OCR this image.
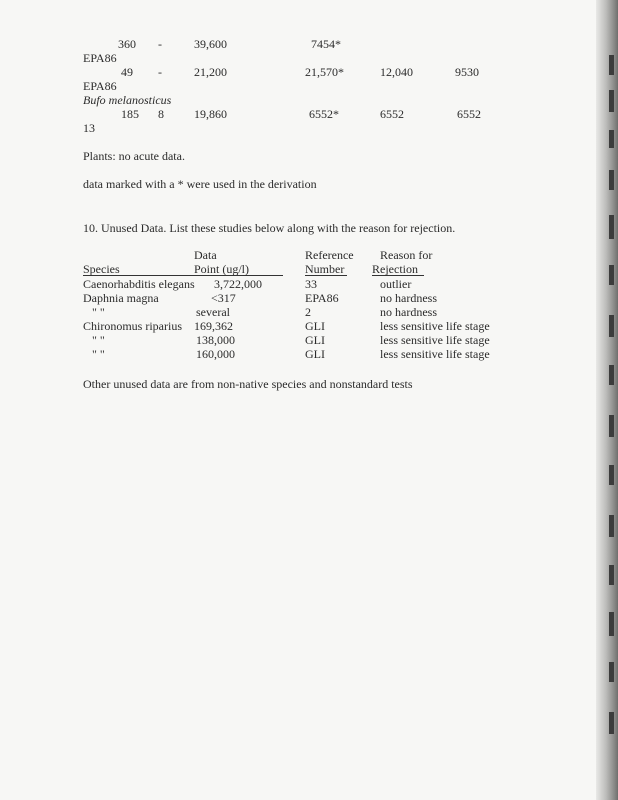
360 -	39,600	7454*
EPA86
49 -	21,200	21,570*	12,040	9530
EPA86
Bufo melanosticus
185 8	19,860	6552*	6552	6552
13
Plants: no acute data.
data marked with a * were used in the derivation
10. Unused Data. List these studies below along with the reason for rejection.
Data	Reference Reason for
Species	Point (ug/l)	Number Rejection
Caenorhabditis elegans 3,722,000	33	outlier
Daphnia magna	<317	EPA86	no hardness
" "	several	2	no hardness
Chironomus riparius 169,362	GLI	less sensitive life stage
" "	138,000	GLI	less sensitive life stage
" "	160,000	GLI	less sensitive life stage
Other unused data are from non-native species and nonstandard tests
